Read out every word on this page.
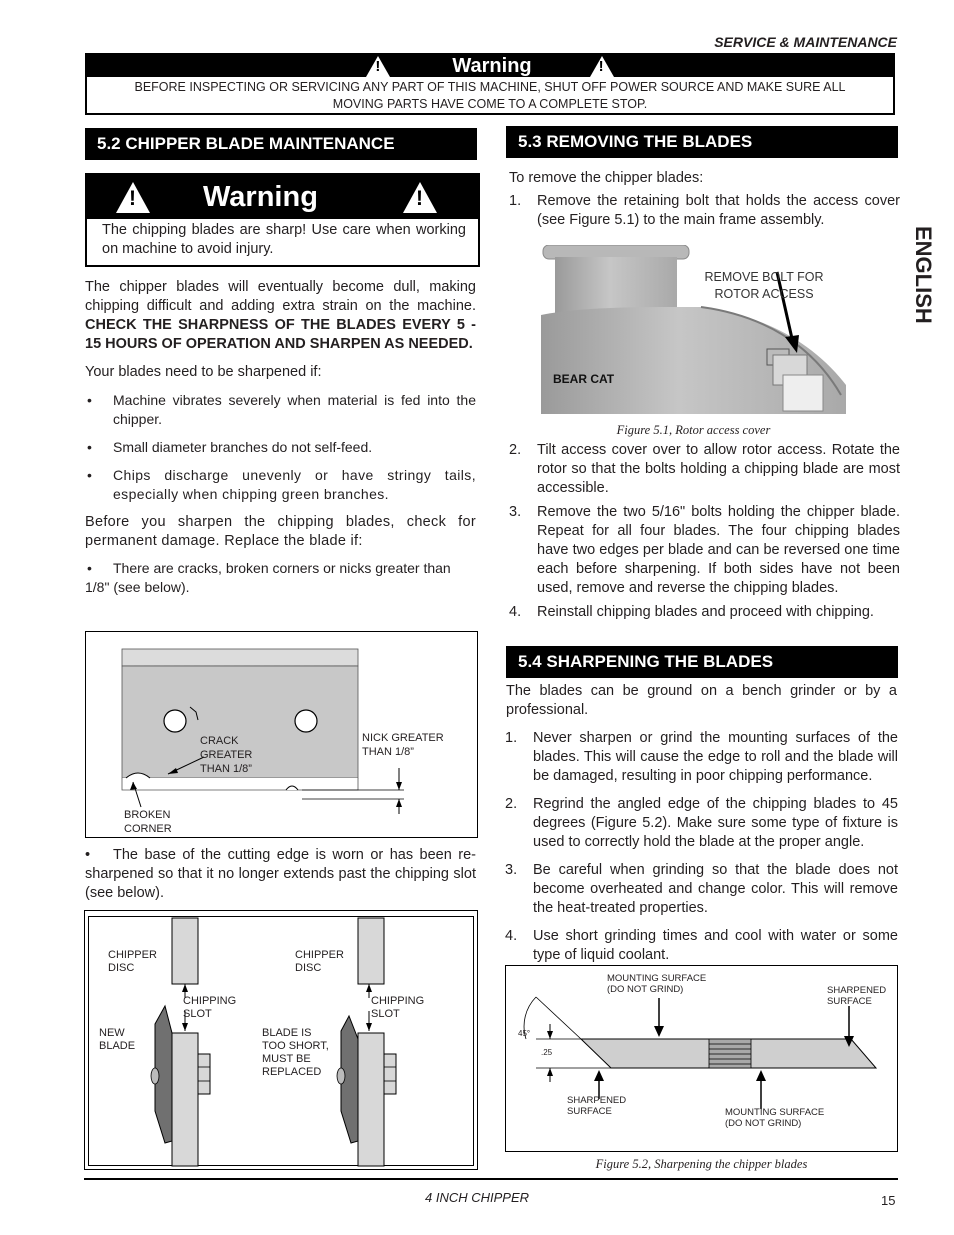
SERVICE & MAINTENANCE
!
Warning
!
BEFORE INSPECTING OR SERVICING ANY PART OF THIS MACHINE, SHUT OFF POWER SOURCE AND MAKE SURE ALL MOVING PARTS HAVE COME TO A COMPLETE STOP.
ENGLISH
5.2 CHIPPER BLADE MAINTENANCE
!
Warning
!
The chipping blades are sharp! Use care when working on machine to avoid injury.

The chipper blades will eventually become dull, making chipping difficult and adding extra strain on the machine. CHECK THE SHARPNESS OF THE BLADES EVERY 5 - 15 HOURS OF OPERATION AND SHARPEN AS NEEDED.

Your blades need to be sharpened if:

• Machine vibrates severely when material is fed into the chipper.
• Small diameter branches do not self-feed.
• Chips discharge unevenly or have stringy tails, especially when chipping green branches.

Before you sharpen the chipping blades, check for permanent damage. Replace the blade if:

• There are cracks, broken corners or nicks greater than 1/8" (see below).
CRACK GREATER THAN 1/8”
NICK GREATER THAN 1/8”
BROKEN CORNER
• The base of the cutting edge is worn or has been re-sharpened so that it no longer extends past the chipping slot (see below).
CHIPPER DISC
CHIPPING SLOT
NEW BLADE
CHIPPER DISC
CHIPPING SLOT
BLADE IS TOO SHORT, MUST BE REPLACED
5.3 REMOVING THE BLADES

To remove the chipper blades:

1. Remove the retaining bolt that holds the access cover (see Figure 5.1) to the main frame assembly.
BEAR CAT
REMOVE BOLT FOR ROTOR ACCESS
Figure 5.1, Rotor access cover
2. Tilt access cover over to allow rotor access. Rotate the rotor so that the bolts holding a chipping blade are most accessible.
3. Remove the two 5/16" bolts holding the chipper blade. Repeat for all four blades. The four chipping blades have two edges per blade and can be reversed one time each before sharpening. If both sides have not been used, remove and reverse the chipping blades.
4. Reinstall chipping blades and proceed with chipping.
5.4 SHARPENING THE BLADES

The blades can be ground on a bench grinder or by a professional.

1. Never sharpen or grind the mounting surfaces of the blades. This will cause the edge to roll and the blade will be damaged, resulting in poor chipping performance.
2. Regrind the angled edge of the chipping blades to 45 degrees (Figure 5.2). Make sure some type of fixture is used to correctly hold the blade at the proper angle.
3. Be careful when grinding so that the blade does not become overheated and change color. This will remove the heat-treated properties.
4. Use short grinding times and cool with water or some type of liquid coolant.
MOUNTING SURFACE (DO NOT GRIND)	SHARPENED SURFACE
45°
.25
SHARPENED SURFACE	MOUNTING SURFACE (DO NOT GRIND)
Figure 5.2, Sharpening the chipper blades
4 INCH CHIPPER	15
